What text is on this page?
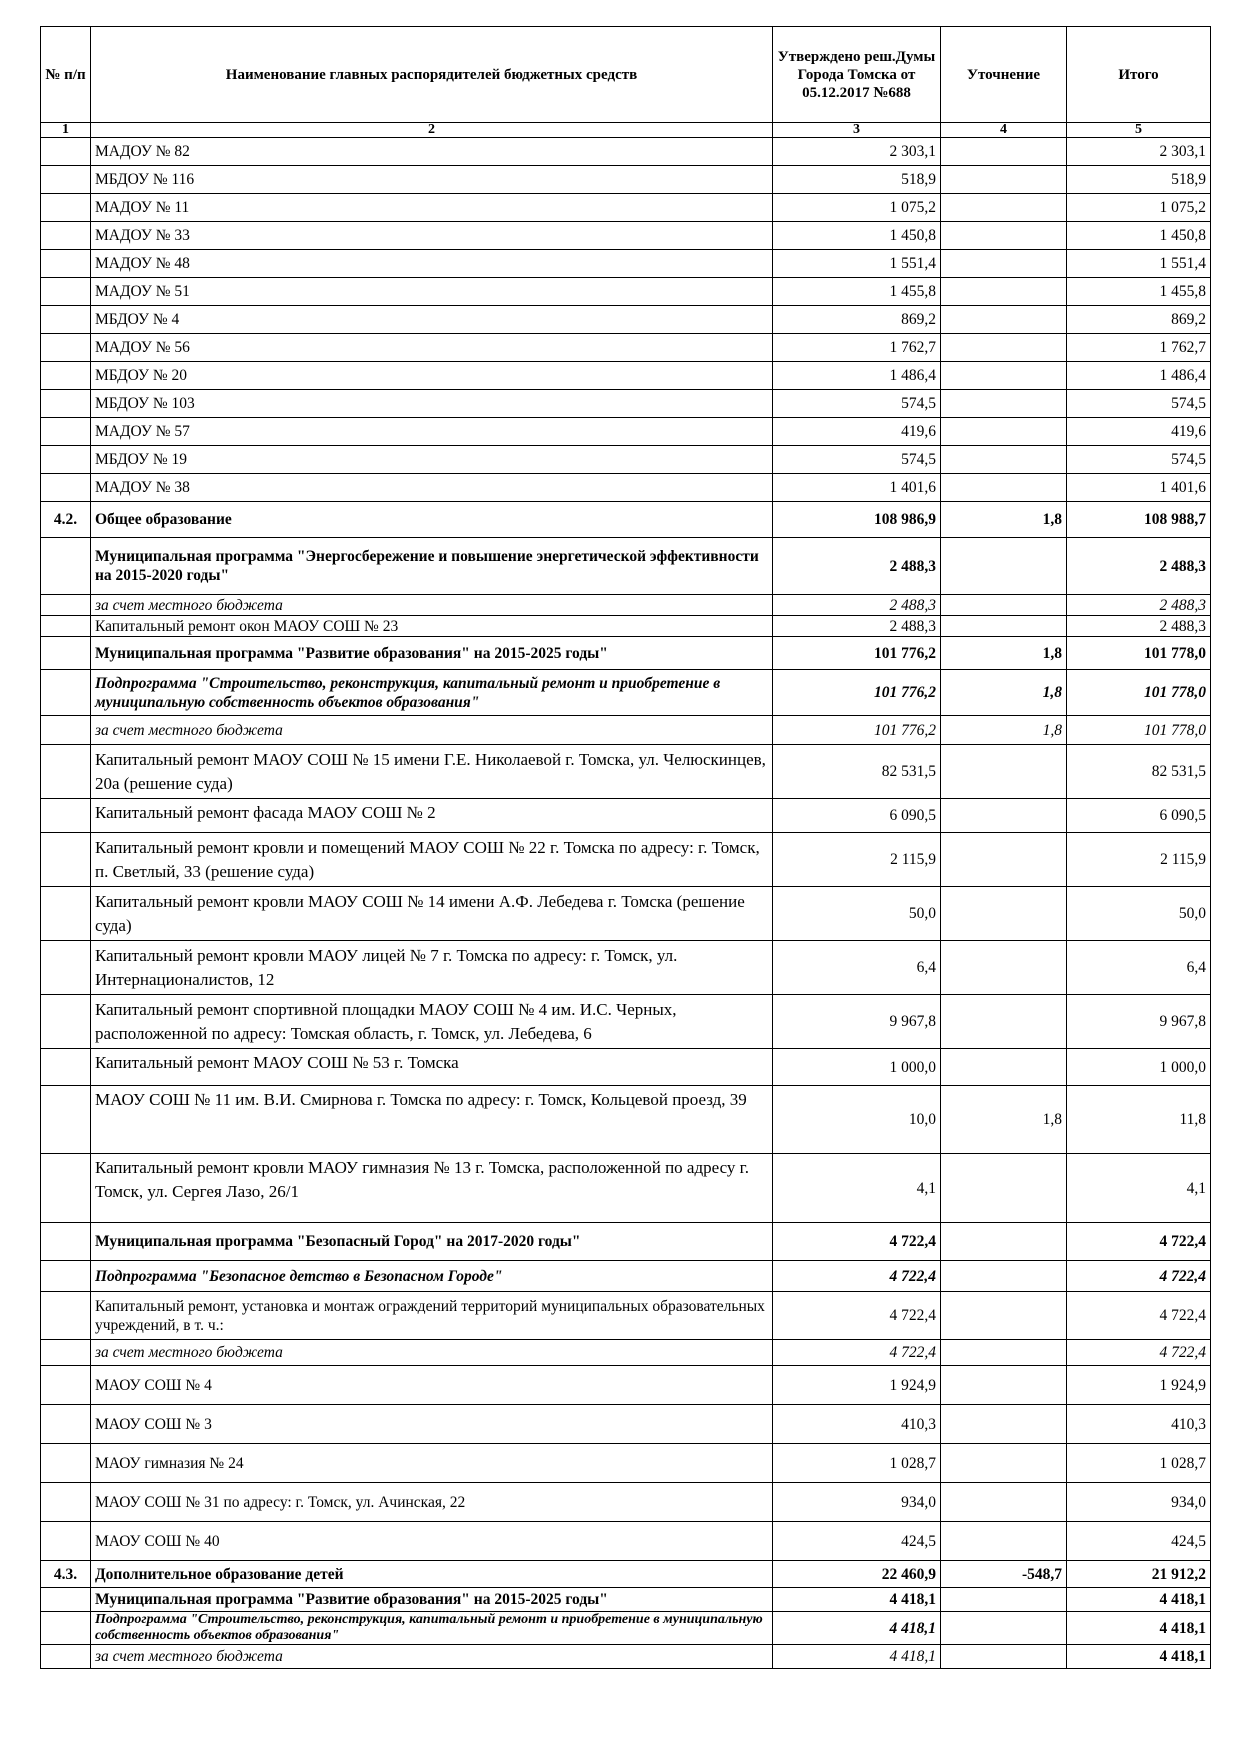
№ п/п	Наименование главных распорядителей бюджетных средств	Утверждено реш.Думы Города Томска от 05.12.2017 №688	Уточнение	Итого
1	2	3	4	5
	МАДОУ № 82	2 303,1		2 303,1
	МБДОУ № 116	518,9		518,9
	МАДОУ № 11	1 075,2		1 075,2
	МАДОУ № 33	1 450,8		1 450,8
	МАДОУ № 48	1 551,4		1 551,4
	МАДОУ № 51	1 455,8		1 455,8
	МБДОУ № 4	869,2		869,2
	МАДОУ № 56	1 762,7		1 762,7
	МБДОУ № 20	1 486,4		1 486,4
	МБДОУ № 103	574,5		574,5
	МАДОУ № 57	419,6		419,6
	МБДОУ № 19	574,5		574,5
	МАДОУ № 38	1 401,6		1 401,6
4.2.	Общее образование	108 986,9	1,8	108 988,7
	Муниципальная программа "Энергосбережение и повышение энергетической эффективности на 2015-2020 годы"	2 488,3		2 488,3
	за счет местного бюджета	2 488,3		2 488,3
	Капитальный ремонт окон МАОУ СОШ № 23	2 488,3		2 488,3
	Муниципальная программа "Развитие образования" на 2015-2025 годы"	101 776,2	1,8	101 778,0
	Подпрограмма "Строительство, реконструкция, капитальный ремонт и приобретение в муниципальную собственность объектов образования"	101 776,2	1,8	101 778,0
	за счет местного бюджета	101 776,2	1,8	101 778,0
	Капитальный ремонт МАОУ СОШ № 15 имени Г.Е. Николаевой г. Томска, ул. Челюскинцев, 20а (решение суда)	82 531,5		82 531,5
	Капитальный ремонт фасада МАОУ СОШ № 2	6 090,5		6 090,5
	Капитальный ремонт кровли и помещений МАОУ СОШ № 22 г. Томска по адресу: г. Томск, п. Светлый, 33 (решение суда)	2 115,9		2 115,9
	Капитальный ремонт кровли МАОУ СОШ № 14 имени А.Ф. Лебедева г. Томска (решение суда)	50,0		50,0
	Капитальный ремонт кровли МАОУ лицей № 7 г. Томска по адресу: г. Томск, ул. Интернационалистов, 12	6,4		6,4
	Капитальный ремонт спортивной площадки МАОУ СОШ № 4 им. И.С. Черных, расположенной по адресу: Томская область, г. Томск, ул. Лебедева, 6	9 967,8		9 967,8
	Капитальный ремонт МАОУ СОШ № 53 г. Томска	1 000,0		1 000,0
	МАОУ СОШ № 11 им. В.И. Смирнова г. Томска по адресу: г. Томск, Кольцевой проезд, 39	10,0	1,8	11,8
	Капитальный ремонт кровли МАОУ гимназия № 13 г. Томска, расположенной по адресу г. Томск, ул. Сергея Лазо, 26/1	4,1		4,1
	Муниципальная программа "Безопасный Город" на 2017-2020 годы"	4 722,4		4 722,4
	Подпрограмма "Безопасное детство в Безопасном Городе"	4 722,4		4 722,4
	Капитальный ремонт, установка и монтаж ограждений территорий муниципальных образовательных учреждений, в т. ч.:	4 722,4		4 722,4
	за счет местного бюджета	4 722,4		4 722,4
	МАОУ СОШ № 4	1 924,9		1 924,9
	МАОУ СОШ № 3	410,3		410,3
	МАОУ гимназия № 24	1 028,7		1 028,7
	МАОУ СОШ № 31 по адресу: г. Томск, ул. Ачинская, 22	934,0		934,0
	МАОУ СОШ № 40	424,5		424,5
4.3.	Дополнительное образование детей	22 460,9	-548,7	21 912,2
	Муниципальная программа "Развитие образования" на 2015-2025 годы"	4 418,1		4 418,1
	Подпрограмма "Строительство, реконструкция, капитальный ремонт и приобретение в муниципальную собственность объектов образования"	4 418,1		4 418,1
	за счет местного бюджета	4 418,1		4 418,1
